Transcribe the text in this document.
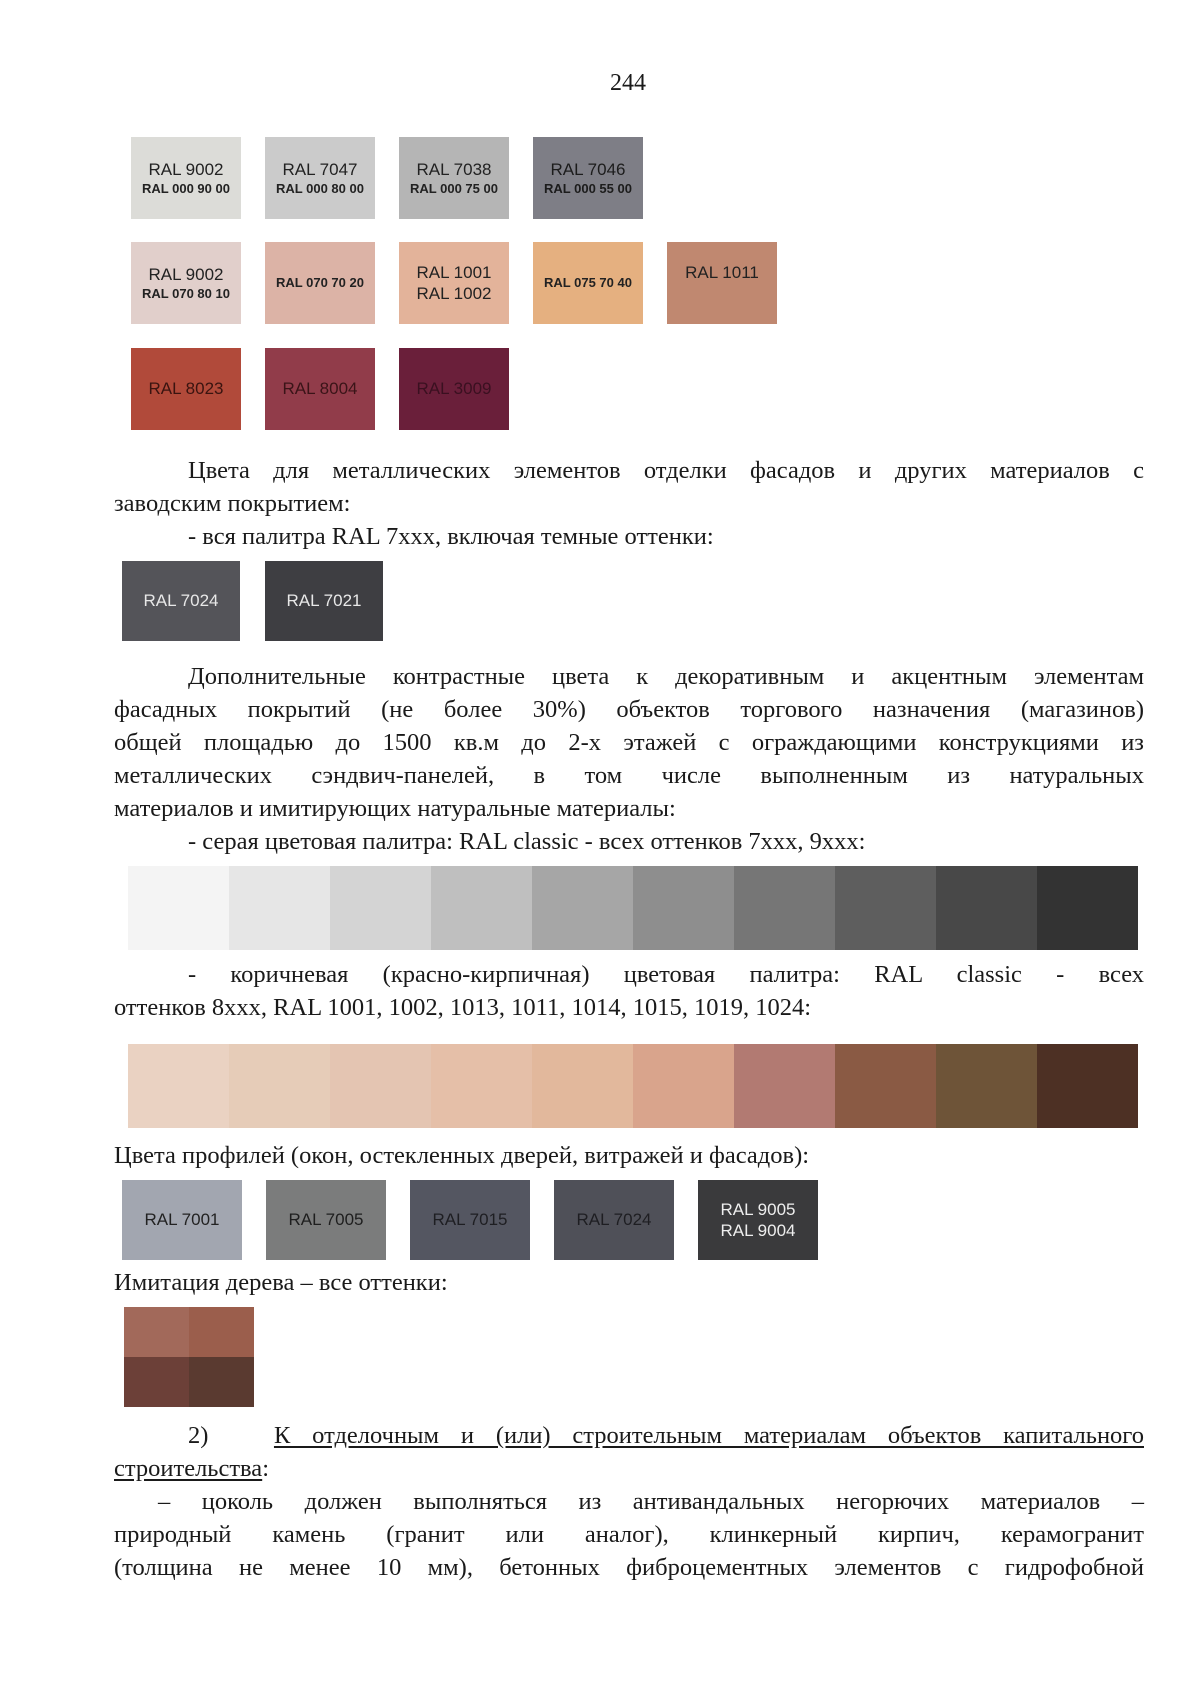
244
RAL 9002
RAL 000 90 00
RAL 7047
RAL 000 80 00
RAL 7038
RAL 000 75 00
RAL 7046
RAL 000 55 00
RAL 9002
RAL 070 80 10
RAL 070 70 20
RAL 1001
RAL 1002
RAL 075 70 40
RAL 1011
RAL 8023	RAL 8004	RAL 3009
Цвета для металлических элементов отделки фасадов и других материалов с
заводским покрытием:
- вся палитра RAL 7xxx, включая темные оттенки:
RAL 7024	RAL 7021
Дополнительные контрастные цвета к декоративным и акцентным элементам
фасадных покрытий (не более 30%) объектов торгового назначения (магазинов)
общей площадью до 1500 кв.м до 2-х этажей с ограждающими конструкциями из
металлических сэндвич-панелей, в том числе выполненным из натуральных
материалов и имитирующих натуральные материалы:
- серая цветовая палитра: RAL classic - всех оттенков 7xxx, 9xxx:
- коричневая (красно-кирпичная) цветовая палитра: RAL classic - всех
оттенков 8xxx, RAL 1001, 1002, 1013, 1011, 1014, 1015, 1019, 1024:
Цвета профилей (окон, остекленных дверей, витражей и фасадов):
RAL 7001	RAL 7005	RAL 7015	RAL 7024
RAL 9005
RAL 9004
Имитация дерева – все оттенки:
2)	К отделочным и (или) строительным материалам объектов капитального
строительства:
– цоколь должен выполняться из антивандальных негорючих материалов –
природный камень (гранит или аналог), клинкерный кирпич, керамогранит
(толщина не менее 10 мм), бетонных фиброцементных элементов с гидрофобной
